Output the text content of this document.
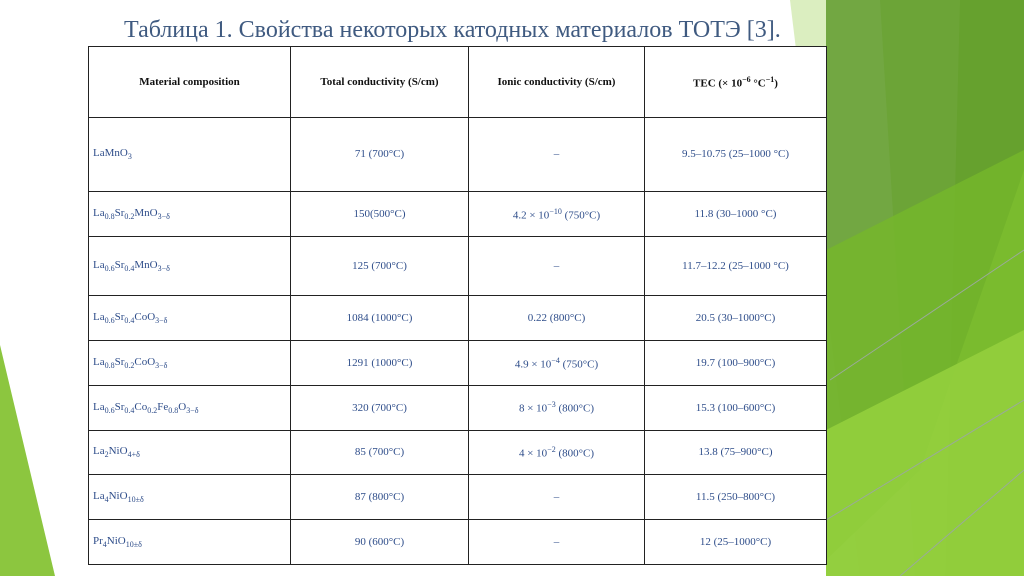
Таблица 1. Свойства некоторых катодных материалов ТОТЭ [3].
Material composition	Total conductivity (S/cm)	Ionic conductivity (S/cm)	TEC (× $10^{-6}$ $^\circ C^{-1}$)
LaMnO$_3$	71 (700°C)	–	9.5–10.75 (25–1000 °C)
$La_{0.8}Sr_{0.2}MnO_{3-\delta}$	150(500°C)	$4.2 \times 10^{-10}$ (750°C)	11.8 (30–1000 °C)
$La_{0.6}Sr_{0.4}MnO_{3-\delta}$	125 (700°C)	–	11.7–12.2 (25–1000 °C)
$La_{0.6}Sr_{0.4}CoO_{3-\delta}$	1084 (1000°C)	0.22 (800°C)	20.5 (30–1000°C)
$La_{0.8}Sr_{0.2}CoO_{3-\delta}$	1291 (1000°C)	$4.9 \times 10^{-4}$ (750°C)	19.7 (100–900°C)
$La_{0.6}Sr_{0.4}Co_{0.2}Fe_{0.8}O_{3-\delta}$	320 (700°C)	$8 \times 10^{-3}$ (800°C)	15.3 (100–600°C)
$La_2NiO_{4+\delta}$	85 (700°C)	$4 \times 10^{-2}$ (800°C)	13.8 (75–900°C)
$La_4NiO_{10\pm\delta}$	87 (800°C)	–	11.5 (250–800°C)
$Pr_4NiO_{10\pm\delta}$	90 (600°C)	–	12 (25–1000°C)
